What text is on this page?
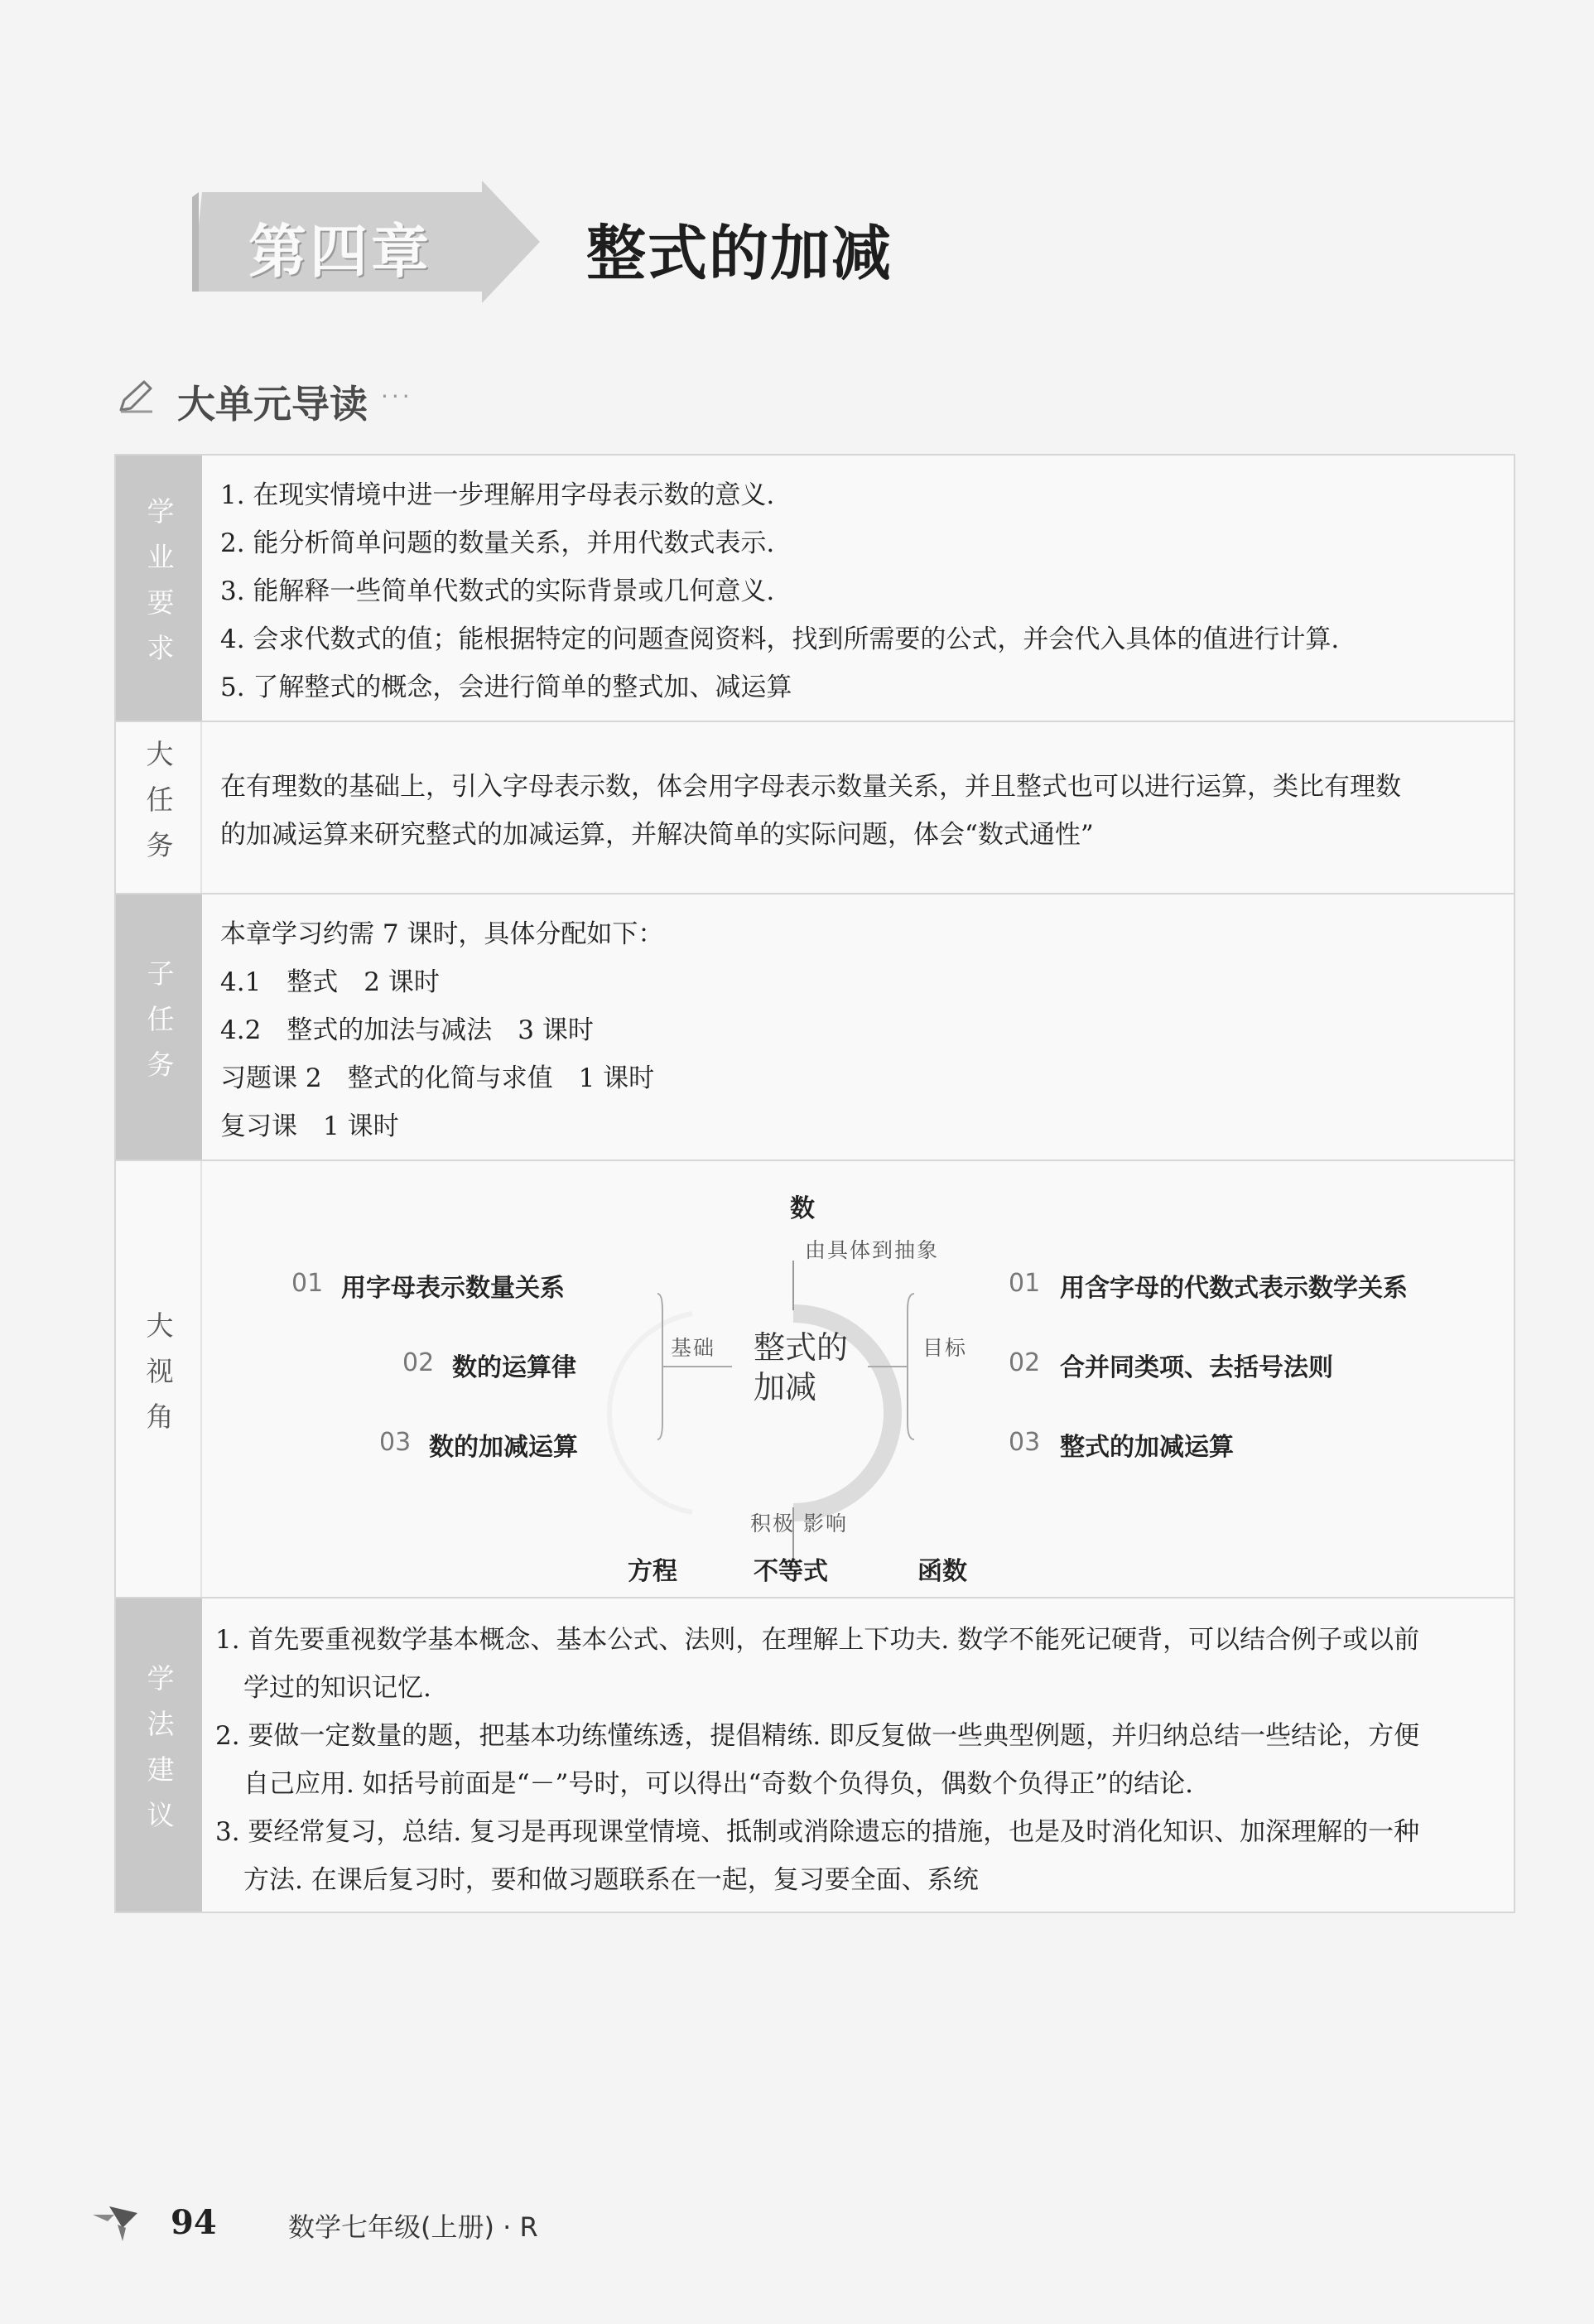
第四章	整式的加减
大单元导读 ···
学业要求
1. 在现实情境中进一步理解用字母表示数的意义.
2. 能分析简单问题的数量关系，并用代数式表示.
3. 能解释一些简单代数式的实际背景或几何意义.
4. 会求代数式的值；能根据特定的问题查阅资料，找到所需要的公式，并会代入具体的值进行计算.
5. 了解整式的概念，会进行简单的整式加、减运算
大任务 在有理数的基础上，引入字母表示数，体会用字母表示数量关系，并且整式也可以进行运算，类比有理数
的加减运算来研究整式的加减运算，并解决简单的实际问题，体会“数式通性”
子任务
本章学习约需 7 课时，具体分配如下：
4.1　整式　2 课时
4.2　整式的加法与减法　3 课时
习题课 2　整式的化简与求值　1 课时
复习课　1 课时
大视角
数
由具体到抽象
整式的
加减
基础	目标
积极 影响
01 用字母表示数量关系
02 数的运算律
03 数的加减运算
01 用含字母的代数式表示数学关系
02 合并同类项、去括号法则
03 整式的加减运算
方程	不等式	函数
学法建议
1. 首先要重视数学基本概念、基本公式、法则，在理解上下功夫. 数学不能死记硬背，可以结合例子或以前
学过的知识记忆.
2. 要做一定数量的题，把基本功练懂练透，提倡精练. 即反复做一些典型例题，并归纳总结一些结论，方便
自己应用. 如括号前面是“－”号时，可以得出“奇数个负得负，偶数个负得正”的结论.
3. 要经常复习，总结. 复习是再现课堂情境、抵制或消除遗忘的措施，也是及时消化知识、加深理解的一种
方法. 在课后复习时，要和做习题联系在一起，复习要全面、系统
94	数学七年级(上册) · R
